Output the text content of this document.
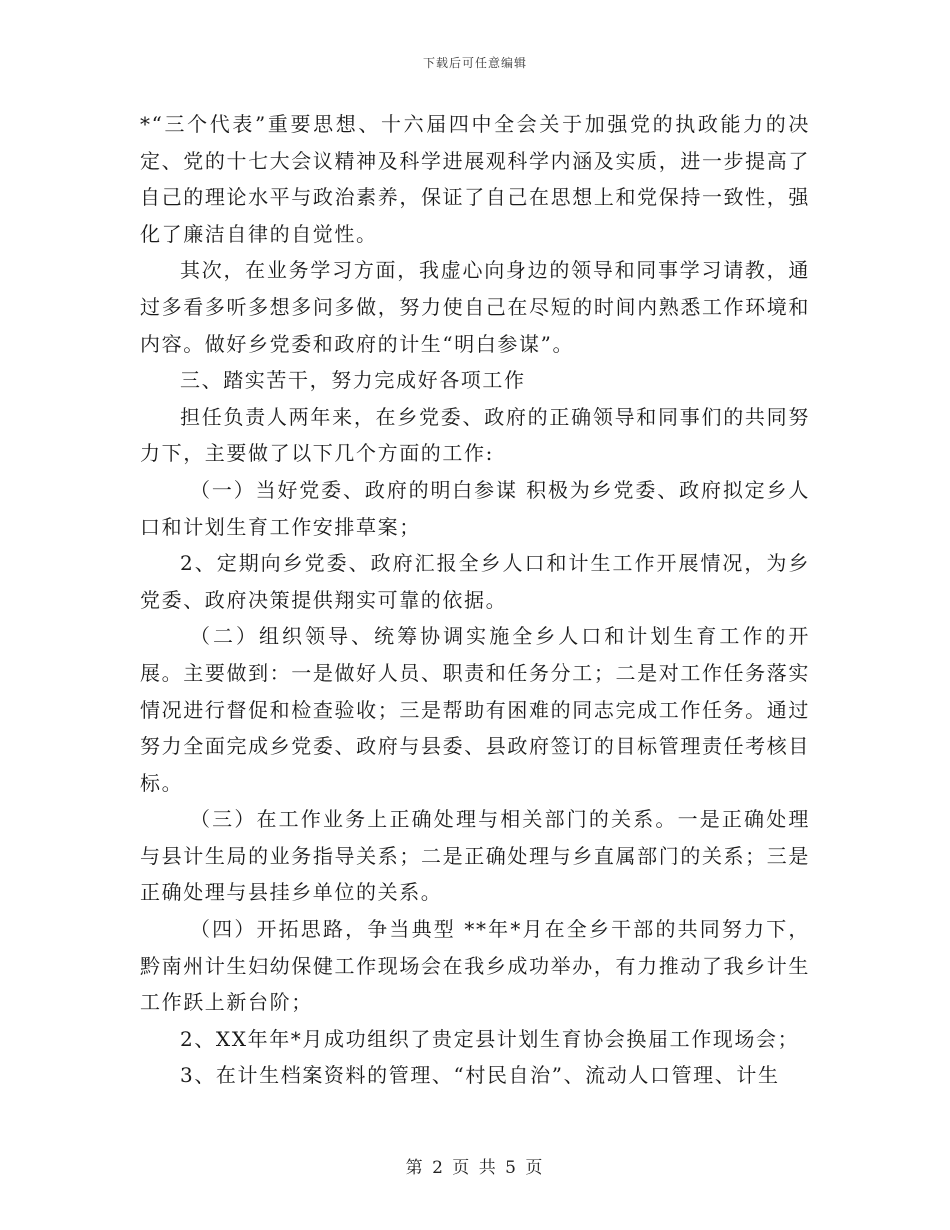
下载后可任意编辑

*“三个代表”重要思想、十六届四中全会关于加强党的执政能力的决定、党的十七大会议精神及科学进展观科学内涵及实质，进一步提高了自己的理论水平与政治素养，保证了自己在思想上和党保持一致性，强化了廉洁自律的自觉性。

其次，在业务学习方面，我虚心向身边的领导和同事学习请教，通过多看多听多想多问多做，努力使自己在尽短的时间内熟悉工作环境和内容。做好乡党委和政府的计生“明白参谋”。

三、踏实苦干，努力完成好各项工作

担任负责人两年来，在乡党委、政府的正确领导和同事们的共同努力下，主要做了以下几个方面的工作:

（一）当好党委、政府的明白参谋 积极为乡党委、政府拟定乡人口和计划生育工作安排草案；

2、定期向乡党委、政府汇报全乡人口和计生工作开展情况，为乡党委、政府决策提供翔实可靠的依据。

（二）组织领导、统筹协调实施全乡人口和计划生育工作的开展。主要做到：一是做好人员、职责和任务分工；二是对工作任务落实情况进行督促和检查验收；三是帮助有困难的同志完成工作任务。通过努力全面完成乡党委、政府与县委、县政府签订的目标管理责任考核目标。

（三）在工作业务上正确处理与相关部门的关系。一是正确处理与县计生局的业务指导关系；二是正确处理与乡直属部门的关系；三是正确处理与县挂乡单位的关系。

（四）开拓思路，争当典型 **年*月在全乡干部的共同努力下，黔南州计生妇幼保健工作现场会在我乡成功举办，有力推动了我乡计生工作跃上新台阶；

2、XX年年*月成功组织了贵定县计划生育协会换届工作现场会；

3、在计生档案资料的管理、“村民自治”、流动人口管理、计生

第 2 页 共 5 页
